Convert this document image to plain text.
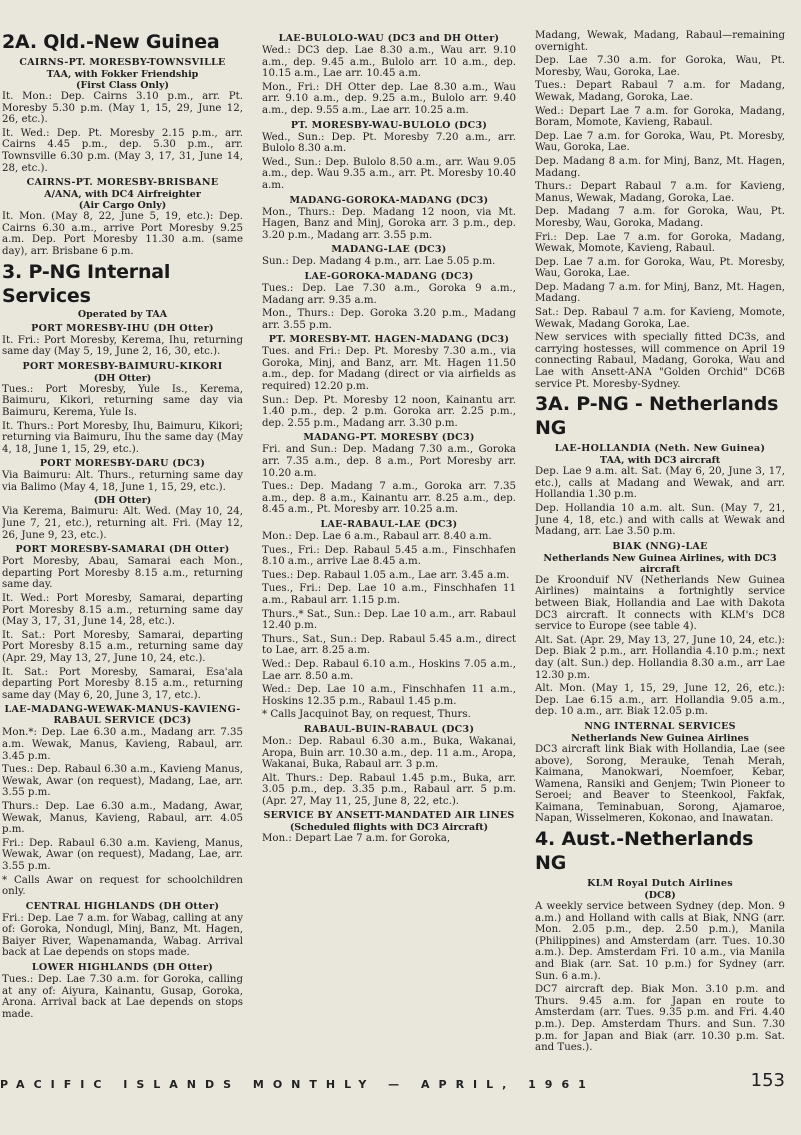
2A. Qld.-New Guinea
CAIRNS-PT. MORESBY-TOWNSVILLE
TAA, with Fokker Friendship
(First Class Only)
It. Mon.: Dep. Cairns 3.10 p.m., arr. Pt. Moresby 5.30 p.m. (May 1, 15, 29, June 12, 26, etc.).
It. Wed.: Dep. Pt. Moresby 2.15 p.m., arr. Cairns 4.45 p.m., dep. 5.30 p.m., arr. Townsville 6.30 p.m. (May 3, 17, 31, June 14, 28, etc.).
CAIRNS-PT. MORESBY-BRISBANE
A/ANA, with DC4 Airfreighter
(Air Cargo Only)
It. Mon. (May 8, 22, June 5, 19, etc.): Dep. Cairns 6.30 a.m., arrive Port Moresby 9.25 a.m. Dep. Port Moresby 11.30 a.m. (same day), arr. Brisbane 6 p.m.
3. P-NG Internal Services
Operated by TAA
PORT MORESBY-IHU (DH Otter)
It. Fri.: Port Moresby, Kerema, Ihu, returning same day (May 5, 19, June 2, 16, 30, etc.).
PORT MORESBY-BAIMURU-KIKORI
(DH Otter)
Tues.: Port Moresby, Yule Is., Kerema, Baimuru, Kikori, returning same day via Baimuru, Kerema, Yule Is.
It. Thurs.: Port Moresby, Ihu, Baimuru, Kikori; returning via Baimuru, Ihu the same day (May 4, 18, June 1, 15, 29, etc.).
PORT MORESBY-DARU (DC3)
Via Baimuru: Alt. Thurs., returning same day via Balimo (May 4, 18, June 1, 15, 29, etc.).
(DH Otter)
Via Kerema, Baimuru: Alt. Wed. (May 10, 24, June 7, 21, etc.), returning alt. Fri. (May 12, 26, June 9, 23, etc.).
PORT MORESBY-SAMARAI (DH Otter)
Port Moresby, Abau, Samarai each Mon., departing Port Moresby 8.15 a.m., returning same day.
It. Wed.: Port Moresby, Samarai, departing Port Moresby 8.15 a.m., returning same day (May 3, 17, 31, June 14, 28, etc.).
It. Sat.: Port Moresby, Samarai, departing Port Moresby 8.15 a.m., returning same day (Apr. 29, May 13, 27, June 10, 24, etc.).
It. Sat.: Port Moresby, Samarai, Esa'ala departing Port Moresby 8.15 a.m., returning same day (May 6, 20, June 3, 17, etc.).
LAE-MADANG-WEWAK-MANUS-KAVIENG-RABAUL SERVICE (DC3)
Mon.*: Dep. Lae 6.30 a.m., Madang arr. 7.35 a.m. Wewak, Manus, Kavieng, Rabaul, arr. 3.45 p.m.
Tues.: Dep. Rabaul 6.30 a.m., Kavieng Manus, Wewak, Awar (on request), Madang, Lae, arr. 3.55 p.m.
Thurs.: Dep. Lae 6.30 a.m., Madang, Awar, Wewak, Manus, Kavieng, Rabaul, arr. 4.05 p.m.
Fri.: Dep. Rabaul 6.30 a.m. Kavieng, Manus, Wewak, Awar (on request), Madang, Lae, arr. 3.55 p.m.
* Calls Awar on request for schoolchildren only.
CENTRAL HIGHLANDS (DH Otter)
Fri.: Dep. Lae 7 a.m. for Wabag, calling at any of: Goroka, Nondugl, Minj, Banz, Mt. Hagen, Baiyer River, Wapenamanda, Wabag. Arrival back at Lae depends on stops made.
LOWER HIGHLANDS (DH Otter)
Tues.: Dep. Lae 7.30 a.m. for Goroka, calling at any of: Aiyura, Kainantu, Gusap, Goroka, Arona. Arrival back at Lae depends on stops made.
LAE-BULOLO-WAU (DC3 and DH Otter)
Wed.: DC3 dep. Lae 8.30 a.m., Wau arr. 9.10 a.m., dep. 9.45 a.m., Bulolo arr. 10 a.m., dep. 10.15 a.m., Lae arr. 10.45 a.m.
Mon., Fri.: DH Otter dep. Lae 8.30 a.m., Wau arr. 9.10 a.m., dep. 9.25 a.m., Bulolo arr. 9.40 a.m., dep. 9.55 a.m., Lae arr. 10.25 a.m.
PT. MORESBY-WAU-BULOLO (DC3)
Wed., Sun.: Dep. Pt. Moresby 7.20 a.m., arr. Bulolo 8.30 a.m.
Wed., Sun.: Dep. Bulolo 8.50 a.m., arr. Wau 9.05 a.m., dep. Wau 9.35 a.m., arr. Pt. Moresby 10.40 a.m.
MADANG-GOROKA-MADANG (DC3)
Mon., Thurs.: Dep. Madang 12 noon, via Mt. Hagen, Banz and Minj, Goroka arr. 3 p.m., dep. 3.20 p.m., Madang arr. 3.55 p.m.
MADANG-LAE (DC3)
Sun.: Dep. Madang 4 p.m., arr. Lae 5.05 p.m.
LAE-GOROKA-MADANG (DC3)
Tues.: Dep. Lae 7.30 a.m., Goroka 9 a.m., Madang arr. 9.35 a.m.
Mon., Thurs.: Dep. Goroka 3.20 p.m., Madang arr. 3.55 p.m.
PT. MORESBY-MT. HAGEN-MADANG (DC3)
Tues. and Fri.: Dep. Pt. Moresby 7.30 a.m., via Goroka, Minj, and Banz, arr. Mt. Hagen 11.50 a.m., dep. for Madang (direct or via airfields as required) 12.20 p.m.
Sun.: Dep. Pt. Moresby 12 noon, Kainantu arr. 1.40 p.m., dep. 2 p.m. Goroka arr. 2.25 p.m., dep. 2.55 p.m., Madang arr. 3.30 p.m.
MADANG-PT. MORESBY (DC3)
Fri. and Sun.: Dep. Madang 7.30 a.m., Goroka arr. 7.35 a.m., dep. 8 a.m., Port Moresby arr. 10.20 a.m.
Tues.: Dep. Madang 7 a.m., Goroka arr. 7.35 a.m., dep. 8 a.m., Kainantu arr. 8.25 a.m., dep. 8.45 a.m., Pt. Moresby arr. 10.25 a.m.
LAE-RABAUL-LAE (DC3)
Mon.: Dep. Lae 6 a.m., Rabaul arr. 8.40 a.m.
Tues., Fri.: Dep. Rabaul 5.45 a.m., Finschhafen 8.10 a.m., arrive Lae 8.45 a.m.
Tues.: Dep. Rabaul 1.05 a.m., Lae arr. 3.45 a.m.
Tues., Fri.: Dep. Lae 10 a.m., Finschhafen 11 a.m., Rabaul arr. 1.15 p.m.
Thurs.,* Sat., Sun.: Dep. Lae 10 a.m., arr. Rabaul 12.40 p.m.
Thurs., Sat., Sun.: Dep. Rabaul 5.45 a.m., direct to Lae, arr. 8.25 a.m.
Wed.: Dep. Rabaul 6.10 a.m., Hoskins 7.05 a.m., Lae arr. 8.50 a.m.
Wed.: Dep. Lae 10 a.m., Finschhafen 11 a.m., Hoskins 12.35 p.m., Rabaul 1.45 p.m.
* Calls Jacquinot Bay, on request, Thurs.
RABAUL-BUIN-RABAUL (DC3)
Mon.: Dep. Rabaul 6.30 a.m., Buka, Wakanai, Aropa, Buin arr. 10.30 a.m., dep. 11 a.m., Aropa, Wakanai, Buka, Rabaul arr. 3 p.m.
Alt. Thurs.: Dep. Rabaul 1.45 p.m., Buka, arr. 3.05 p.m., dep. 3.35 p.m., Rabaul arr. 5 p.m. (Apr. 27, May 11, 25, June 8, 22, etc.).
SERVICE BY ANSETT-MANDATED AIR LINES
(Scheduled flights with DC3 Aircraft)
Mon.: Depart Lae 7 a.m. for Goroka,
Madang, Wewak, Madang, Rabaul—remaining overnight.
Dep. Lae 7.30 a.m. for Goroka, Wau, Pt. Moresby, Wau, Goroka, Lae.
Tues.: Depart Rabaul 7 a.m. for Madang, Wewak, Madang, Goroka, Lae.
Wed.: Depart Lae 7 a.m. for Goroka, Madang, Boram, Momote, Kavieng, Rabaul.
Dep. Lae 7 a.m. for Goroka, Wau, Pt. Moresby, Wau, Goroka, Lae.
Dep. Madang 8 a.m. for Minj, Banz, Mt. Hagen, Madang.
Thurs.: Depart Rabaul 7 a.m. for Kavieng, Manus, Wewak, Madang, Goroka, Lae.
Dep. Madang 7 a.m. for Goroka, Wau, Pt. Moresby, Wau, Goroka, Madang.
Fri.: Dep. Lae 7 a.m. for Goroka, Madang, Wewak, Momote, Kavieng, Rabaul.
Dep. Lae 7 a.m. for Goroka, Wau, Pt. Moresby, Wau, Goroka, Lae.
Dep. Madang 7 a.m. for Minj, Banz, Mt. Hagen, Madang.
Sat.: Dep. Rabaul 7 a.m. for Kavieng, Momote, Wewak, Madang Goroka, Lae.
New services with specially fitted DC3s, and carrying hostesses, will commence on April 19 connecting Rabaul, Madang, Goroka, Wau and Lae with Ansett-ANA "Golden Orchid" DC6B service Pt. Moresby-Sydney.
3A. P-NG - Netherlands NG
LAE-HOLLANDIA (Neth. New Guinea)
TAA, with DC3 aircraft
Dep. Lae 9 a.m. alt. Sat. (May 6, 20, June 3, 17, etc.), calls at Madang and Wewak, and arr. Hollandia 1.30 p.m.
Dep. Hollandia 10 a.m. alt. Sun. (May 7, 21, June 4, 18, etc.) and with calls at Wewak and Madang, arr. Lae 3.50 p.m.
BIAK (NNG)-LAE
Netherlands New Guinea Airlines, with DC3 aircraft
De Kroonduif NV (Netherlands New Guinea Airlines) maintains a fortnightly service between Biak, Hollandia and Lae with Dakota DC3 aircraft. It connects with KLM's DC8 service to Europe (see table 4).
Alt. Sat. (Apr. 29, May 13, 27, June 10, 24, etc.): Dep. Biak 2 p.m., arr. Hollandia 4.10 p.m.; next day (alt. Sun.) dep. Hollandia 8.30 a.m., arr Lae 12.30 p.m.
Alt. Mon. (May 1, 15, 29, June 12, 26, etc.): Dep. Lae 6.15 a.m., arr. Hollandia 9.05 a.m., dep. 10 a.m., arr. Biak 12.05 p.m.
NNG INTERNAL SERVICES
Netherlands New Guinea Airlines
DC3 aircraft link Biak with Hollandia, Lae (see above), Sorong, Merauke, Tenah Merah, Kaimana, Manokwari, Noemfoer, Kebar, Wamena, Ransiki and Genjem; Twin Pioneer to Seroei; and Beaver to Steenkool, Fakfak, Kaimana, Teminabuan, Sorong, Ajamaroe, Napan, Wisselmeren, Kokonao, and Inawatan.
4. Aust.-Netherlands NG
KLM Royal Dutch Airlines
(DC8)
A weekly service between Sydney (dep. Mon. 9 a.m.) and Holland with calls at Biak, NNG (arr. Mon. 2.05 p.m., dep. 2.50 p.m.), Manila (Philippines) and Amsterdam (arr. Tues. 10.30 a.m.). Dep. Amsterdam Fri. 10 a.m., via Manila and Biak (arr. Sat. 10 p.m.) for Sydney (arr. Sun. 6 a.m.).
DC7 aircraft dep. Biak Mon. 3.10 p.m. and Thurs. 9.45 a.m. for Japan en route to Amsterdam (arr. Tues. 9.35 p.m. and Fri. 4.40 p.m.). Dep. Amsterdam Thurs. and Sun. 7.30 p.m. for Japan and Biak (arr. 10.30 p.m. Sat. and Tues.).
PACIFIC ISLANDS MONTHLY — APRIL, 1961	153
